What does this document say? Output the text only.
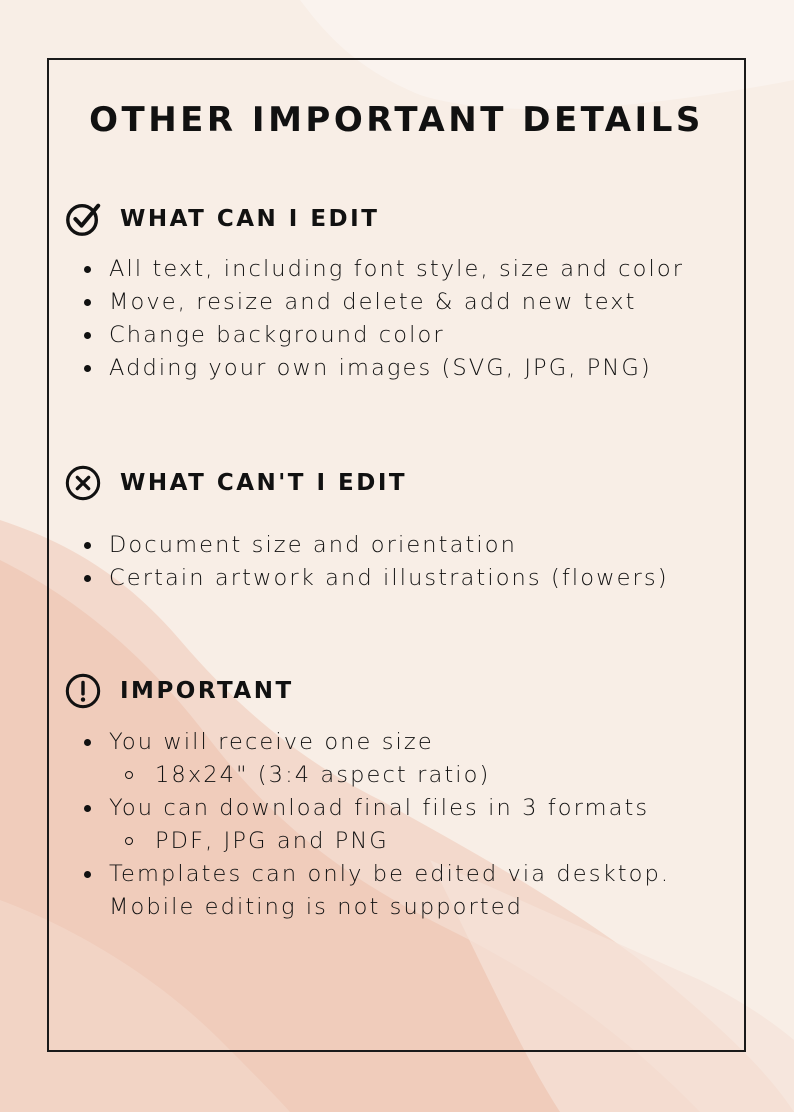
OTHER IMPORTANT DETAILS
WHAT CAN I EDIT
All text, including font style, size and color
Move, resize and delete & add new text
Change background color
Adding your own images (SVG, JPG, PNG)
WHAT CAN'T I EDIT
Document size and orientation
Certain artwork and illustrations (flowers)
IMPORTANT
You will receive one size
18x24" (3:4 aspect ratio)
You can download final files in 3 formats
PDF, JPG and PNG
Templates can only be edited via desktop.
Mobile editing is not supported
